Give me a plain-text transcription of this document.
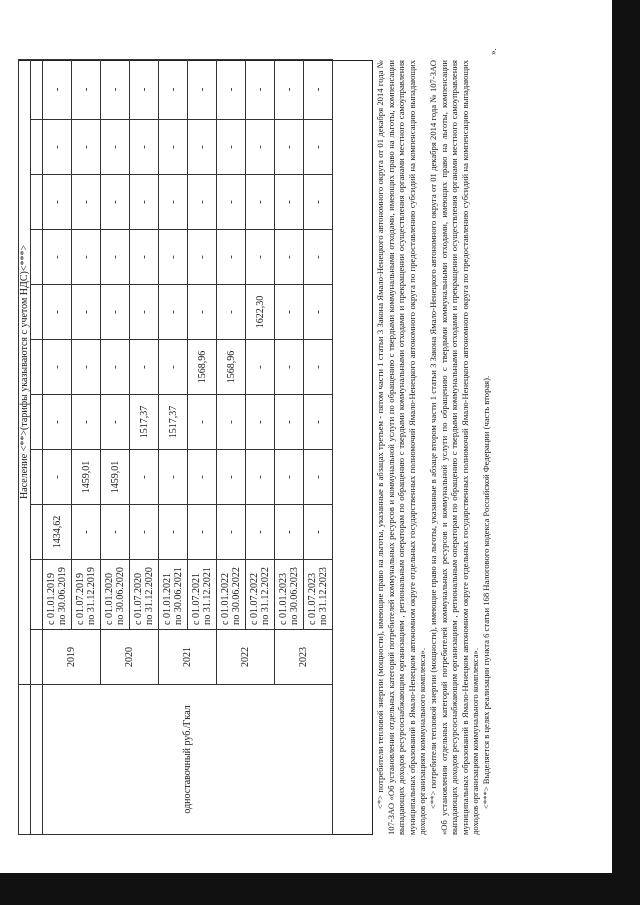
	Население <**>(тарифы указываются с учетом НДС)<***>										

одноставочный руб./Гкал	2019	с 01.01.2019 по 30.06.2019	1434,62	-	-	-	-	-	-	-	-

		с 01.07.2019 по 31.12.2019	-	1459,01	-	-	-	-	-	-	-
	2020	с 01.01.2020 по 30.06.2020	-	1459,01	-	-	-	-	-	-	-

		с 01.07.2020 по 31.12.2020	-	-	1517,37	-	-	-	-	-	-
	2021	с 01.01.2021 по 30.06.2021	-	-	1517,37	-	-	-	-	-	-

		с 01.07.2021 по 31.12.2021	-	-	-	1568,96	-	-	-	-	-
	2022	с 01.01.2022 по 30.06.2022	-	-	-	1568,96	-	-	-	-	-

		с 01.07.2022 по 31.12.2022	-	-	-	-	1622,30	-	-	-	-
	2023	с 01.01.2023 по 30.06.2023	-	-	-	-	-	-	-	-	-

		с 01.07.2023 по 31.12.2023	-	-	-	-	-	-	-	-	-	<*> потребители тепловой энергии (мощности), имеющие право на льготы, указанные в абзацах третьем - пятом части 1 статьи 3 Закона Ямало-Ненецкого автономного округа от 01 декабря 2014 года № 107-ЗАО «Об установлении отдельных категорий потребителей коммунальных ресурсов и коммунальной услуги по обращению с твердыми коммунальными отходами, имеющих право на льготы, компенсации выпадающих доходов ресурсоснабжающим организациям , региональным операторам по обращению с твердыми коммунальными отходами и прекращении осуществления органами местного самоуправления муниципальных образований в Ямало-Ненецком автономном округе отдельных государственных полномочий Ямало-Ненецкого автономного округа по предоставлению субсидий на компенсацию выпадающих доходов организациям коммунального комплекса». <**> потребители тепловой энергии (мощности), имеющие право на льготы, указанные в абзаце втором части 1 статьи 3 Закона Ямало-Ненецкого автономного округа от 01 декабря 2014 года № 107-ЗАО «Об установлении отдельных категорий потребителей коммунальных ресурсов и коммунальной услуги по обращению с твердыми коммунальными отходами, имеющих право на льготы, компенсации выпадающих доходов ресурсоснабжающим организациям , региональным операторам по обращению с твердыми коммунальными отходами и прекращении осуществления органами местного самоуправления муниципальных образований в Ямало-Ненецком автономном округе отдельных государственных полномочий Ямало-Ненецкого автономного округа по предоставлению субсидий на компенсацию выпадающих доходов организациям коммунального комплекса». <***> Выделяется в целях реализации пункта 6 статьи 168 Налогового кодекса Российской Федерации (часть вторая).

».
